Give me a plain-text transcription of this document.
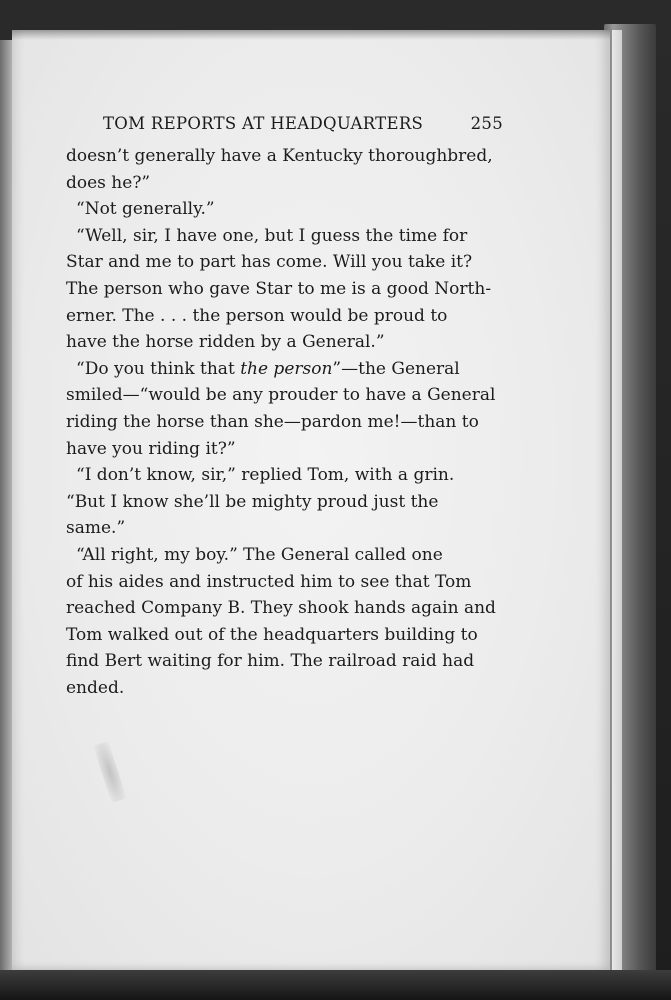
TOM REPORTS AT HEADQUARTERS	255
doesn’t generally have a Kentucky thoroughbred,
does he?”
“Not generally.”
“Well, sir, I have one, but I guess the time for
Star and me to part has come. Will you take it?
The person who gave Star to me is a good North-
erner. The . . . the person would be proud to
have the horse ridden by a General.”
“Do you think that the person”—the General
smiled—“would be any prouder to have a General
riding the horse than she—pardon me!—than to
have you riding it?”
“I don’t know, sir,” replied Tom, with a grin.
“But I know she’ll be mighty proud just the
same.”
“All right, my boy.” The General called one
of his aides and instructed him to see that Tom
reached Company B. They shook hands again and
Tom walked out of the headquarters building to
find Bert waiting for him. The railroad raid had
ended.
